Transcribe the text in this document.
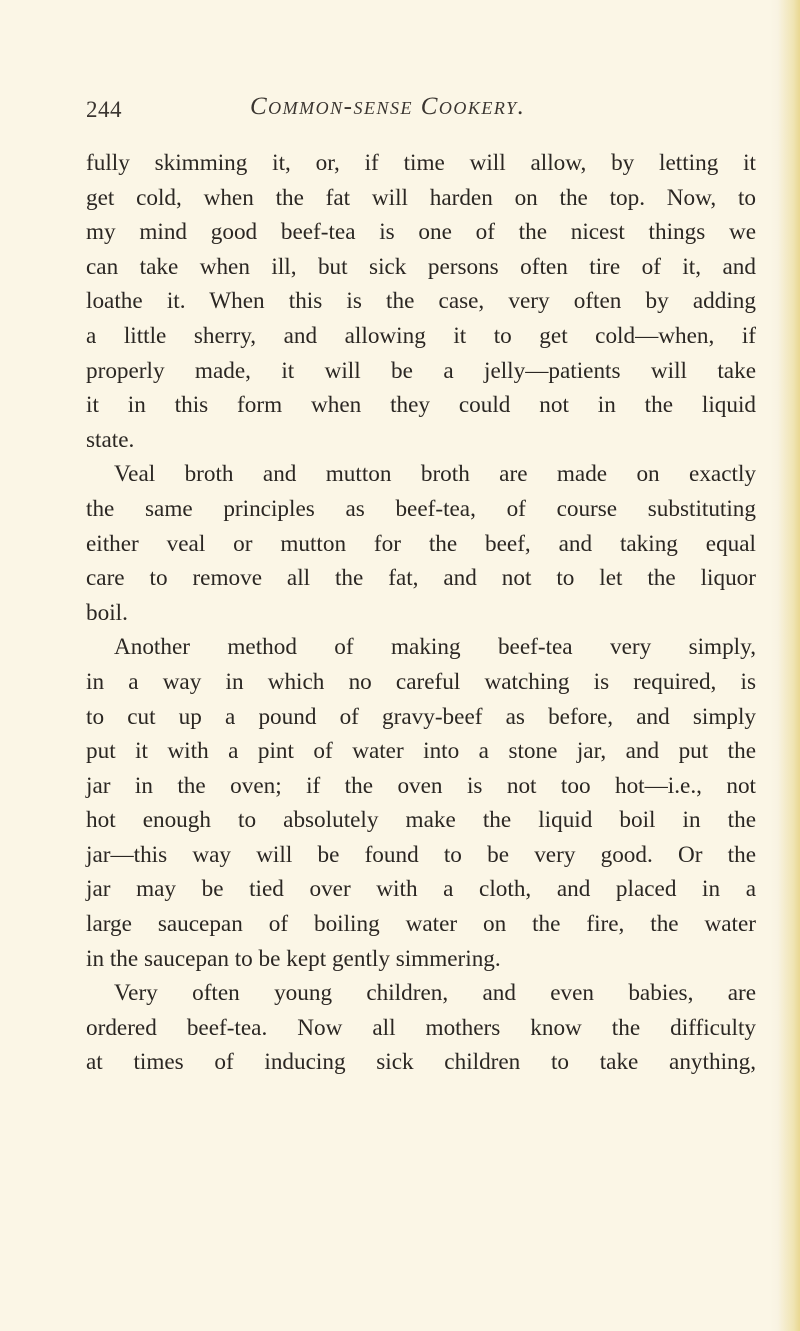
244	Common-sense Cookery.
fully skimming it, or, if time will allow, by letting it
get cold, when the fat will harden on the top. Now, to
my mind good beef-tea is one of the nicest things we
can take when ill, but sick persons often tire of it, and
loathe it. When this is the case, very often by adding
a little sherry, and allowing it to get cold—when, if
properly made, it will be a jelly—patients will take
it in this form when they could not in the liquid
state.
Veal broth and mutton broth are made on exactly
the same principles as beef-tea, of course substituting
either veal or mutton for the beef, and taking equal
care to remove all the fat, and not to let the liquor
boil.
Another method of making beef-tea very simply,
in a way in which no careful watching is required, is
to cut up a pound of gravy-beef as before, and simply
put it with a pint of water into a stone jar, and put the
jar in the oven; if the oven is not too hot—i.e., not
hot enough to absolutely make the liquid boil in the
jar—this way will be found to be very good. Or the
jar may be tied over with a cloth, and placed in a
large saucepan of boiling water on the fire, the water
in the saucepan to be kept gently simmering.
Very often young children, and even babies, are
ordered beef-tea. Now all mothers know the difficulty
at times of inducing sick children to take anything,
